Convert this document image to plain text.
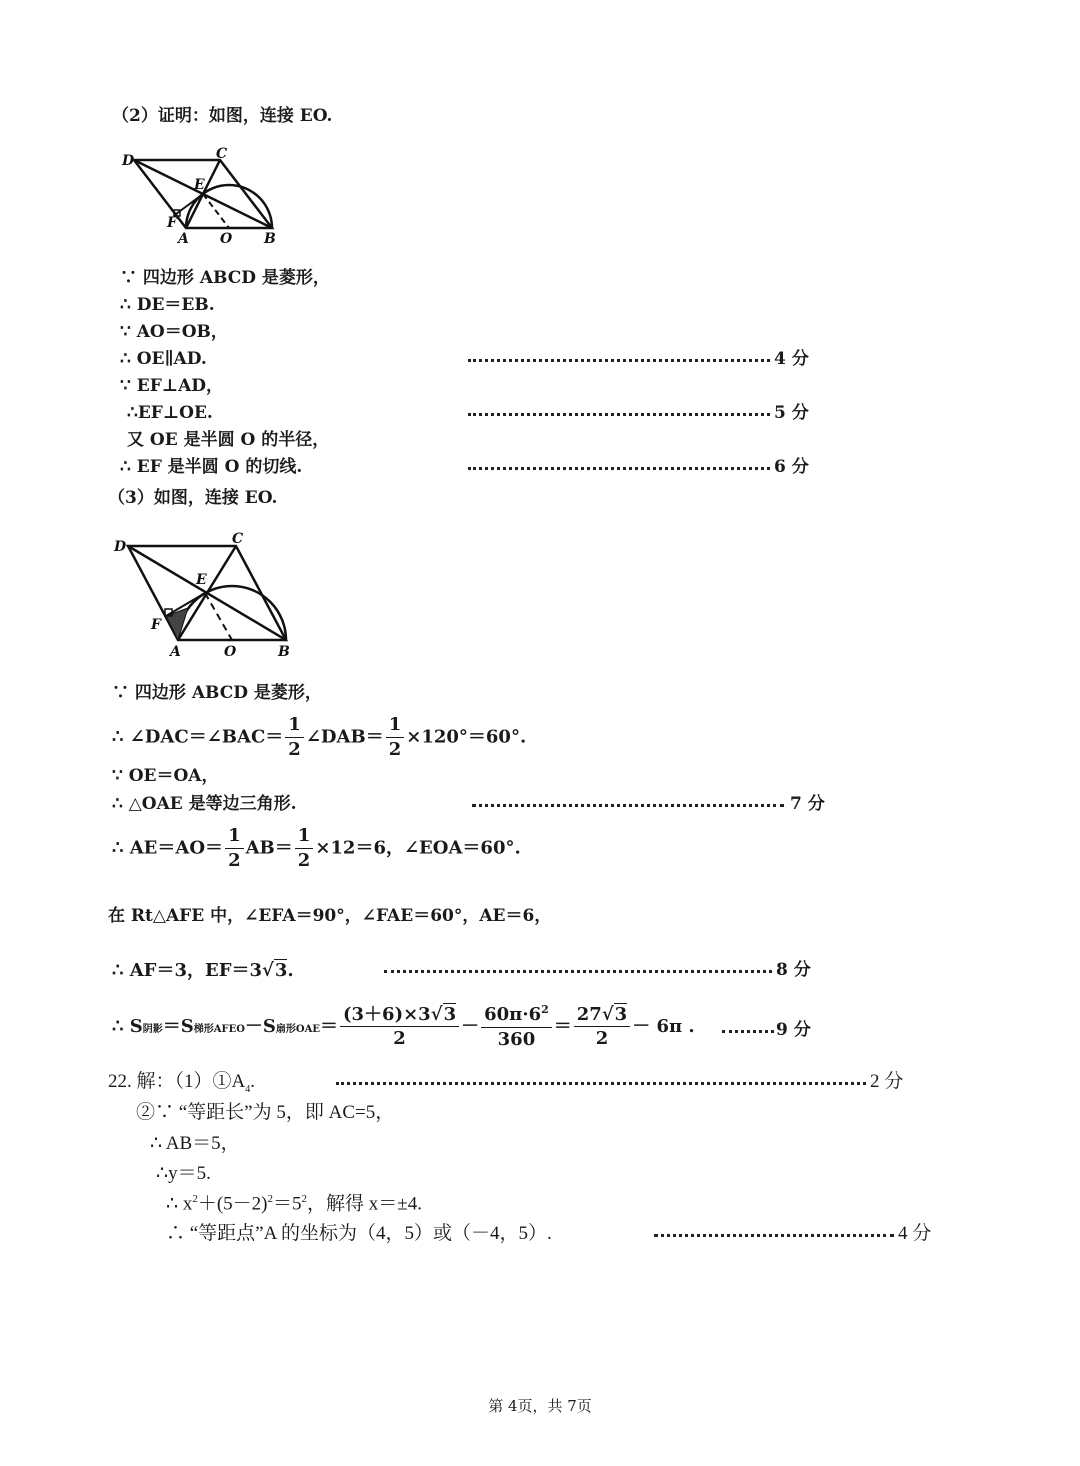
（2）证明：如图，连接 EO.
D	C
E
F
A O B
∵ 四边形 ABCD 是菱形，
∴ DE＝EB.
∵ AO＝OB，
∴ OE∥AD.	4 分
∵ EF⊥AD，
∴EF⊥OE.	5 分
又 OE 是半圆 O 的半径，
∴ EF 是半圆 O 的切线.	6 分
（3）如图，连接 EO.
D	C
E
F
A	O	B
∵ 四边形 ABCD 是菱形，
∴ ∠DAC＝∠BAC＝ $\frac{1}{2}$ ∠DAB＝ $\frac{1}{2} \times 120^\circ=60^\circ$.
∵ OE＝OA，
∴ △OAE 是等边三角形.	7 分
∴ $AE=AO= \frac{1}{2} AB= \frac{1}{2} \times 12=6$，∠EOA＝60°.
在 Rt△AFE 中，∠EFA＝90°，∠FAE＝60°，AE＝6，
∴ AF＝3，EF＝3√3.	8 分
∴ S阴影＝S梯形AFEO－S扇形$OAE= \frac{(3+6)\times 3√3}{2} - \frac{60\pi\cdot 6^2}{360} = \frac{27√3}{2} - 6\pi$ .	9 分
22. 解：$(1)①A_4$.	2 分
②∵ “等距长”为 5，即 AC=5，
∴ AB＝5，
∴y＝5.
∴ $x^2+(5-2)^2=5^2$，解得 x＝±4.
∴ “等距点”A 的坐标为（4，5）或（－4，5）.	4 分
第 4页，共 7页
